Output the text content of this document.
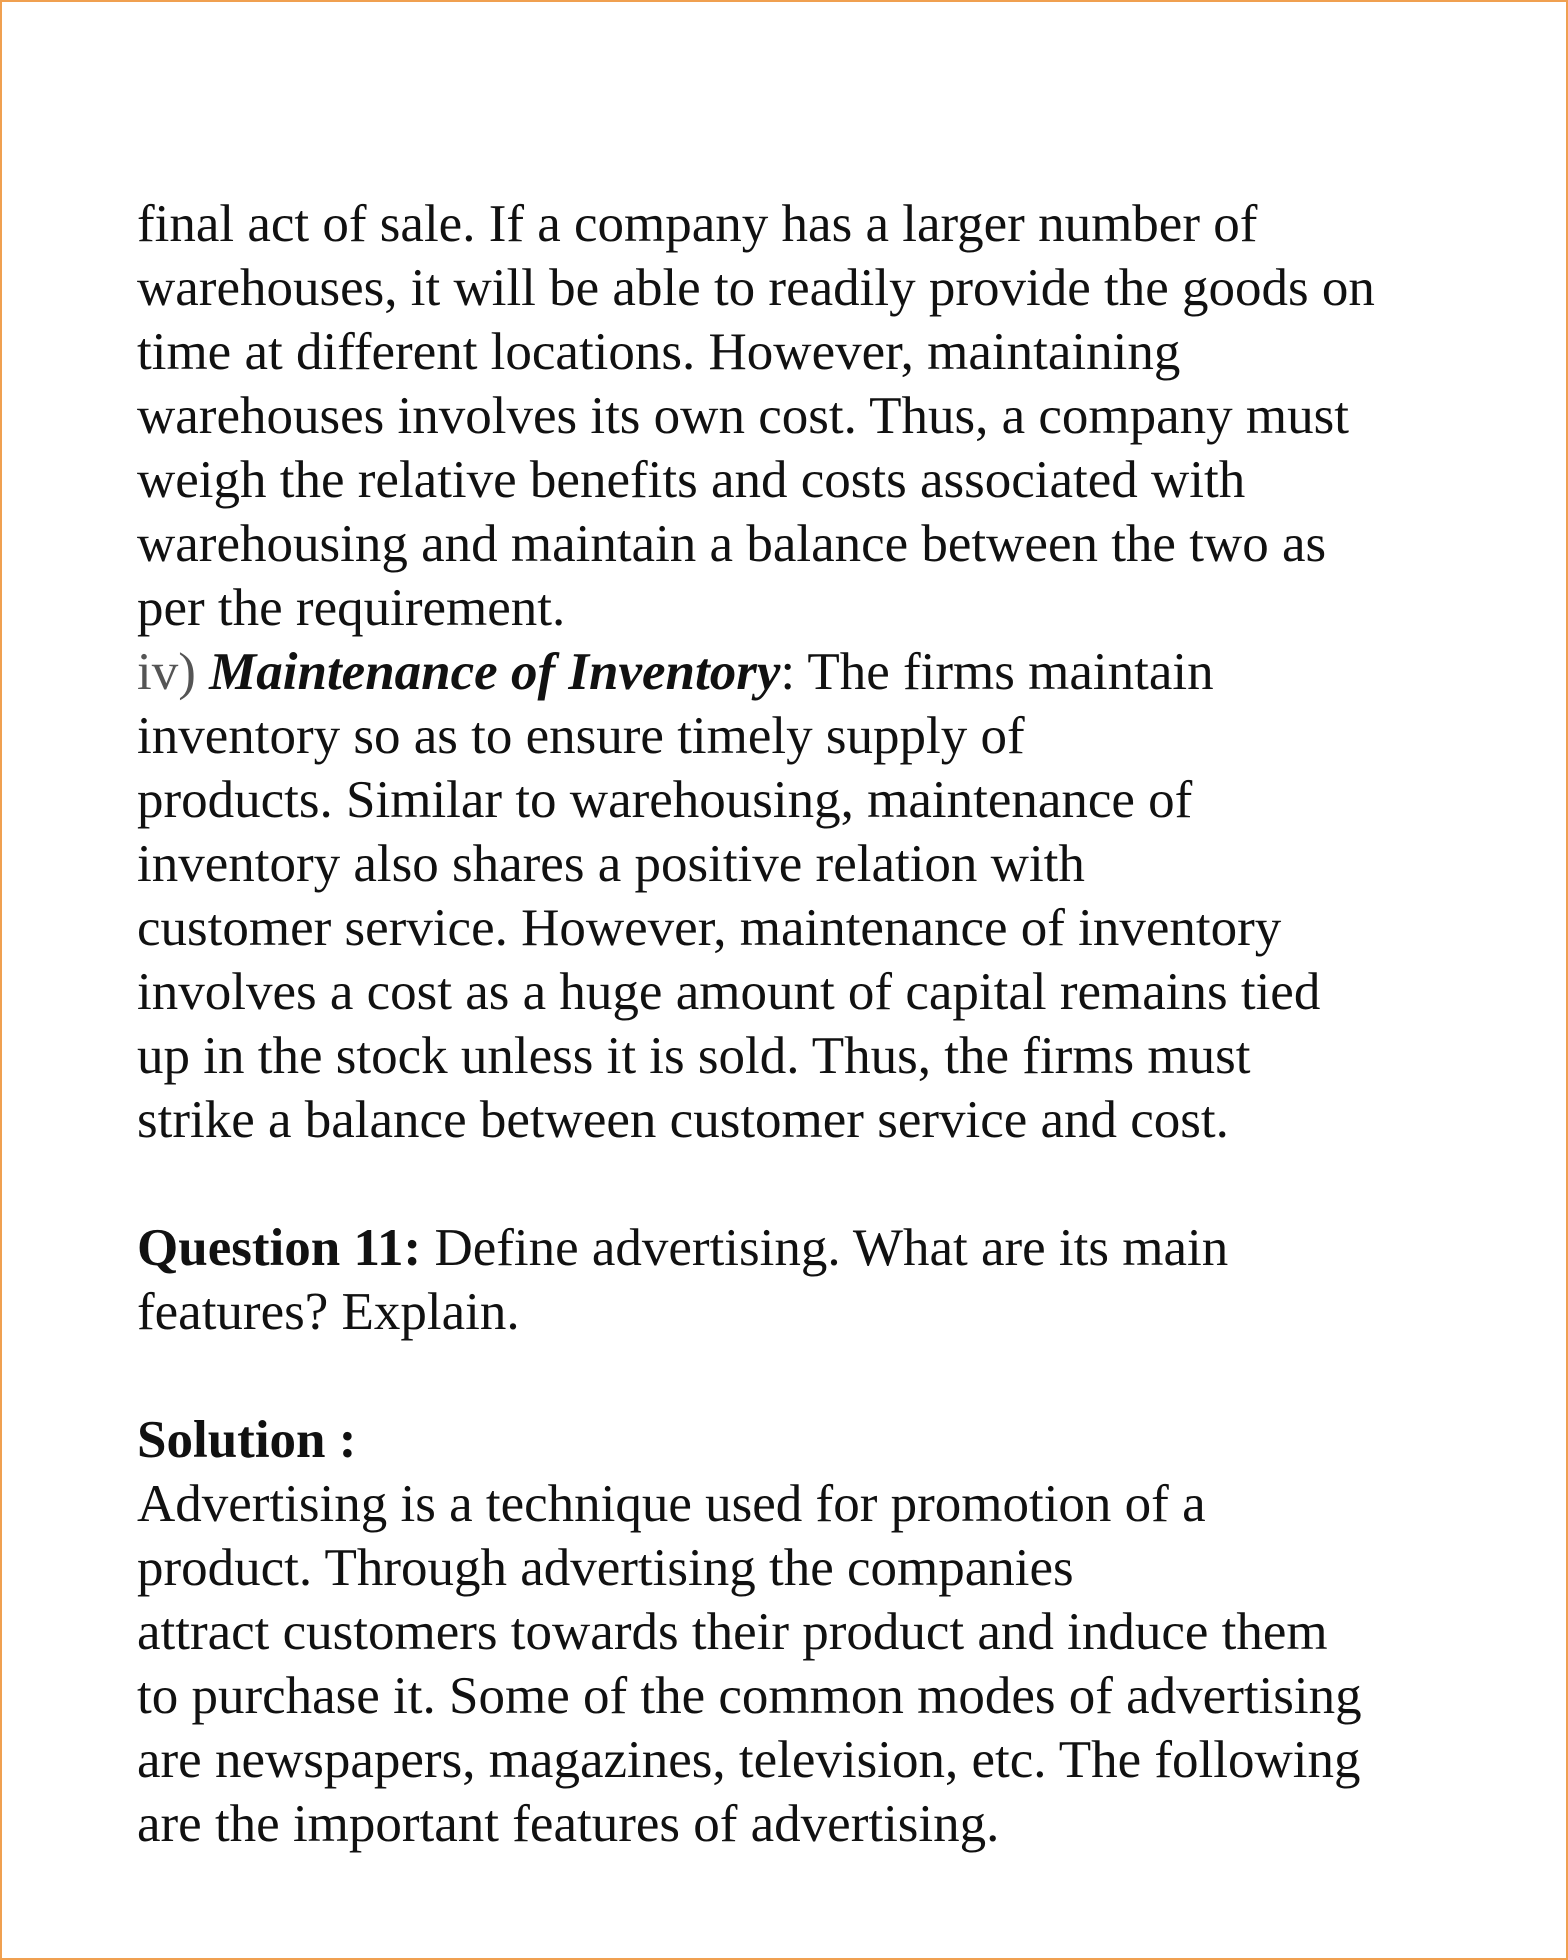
final act of sale. If a company has a larger number of
warehouses, it will be able to readily provide the goods on
time at different locations. However, maintaining
warehouses involves its own cost. Thus, a company must
weigh the relative benefits and costs associated with
warehousing and maintain a balance between the two as
per the requirement.
iv) Maintenance of Inventory: The firms maintain
inventory so as to ensure timely supply of
products. Similar to warehousing, maintenance of
inventory also shares a positive relation with
customer service. However, maintenance of inventory
involves a cost as a huge amount of capital remains tied
up in the stock unless it is sold. Thus, the firms must
strike a balance between customer service and cost.
Question 11: Define advertising. What are its main
features? Explain.
Solution :
Advertising is a technique used for promotion of a
product. Through advertising the companies
attract customers towards their product and induce them
to purchase it. Some of the common modes of advertising
are newspapers, magazines, television, etc. The following
are the important features of advertising.
